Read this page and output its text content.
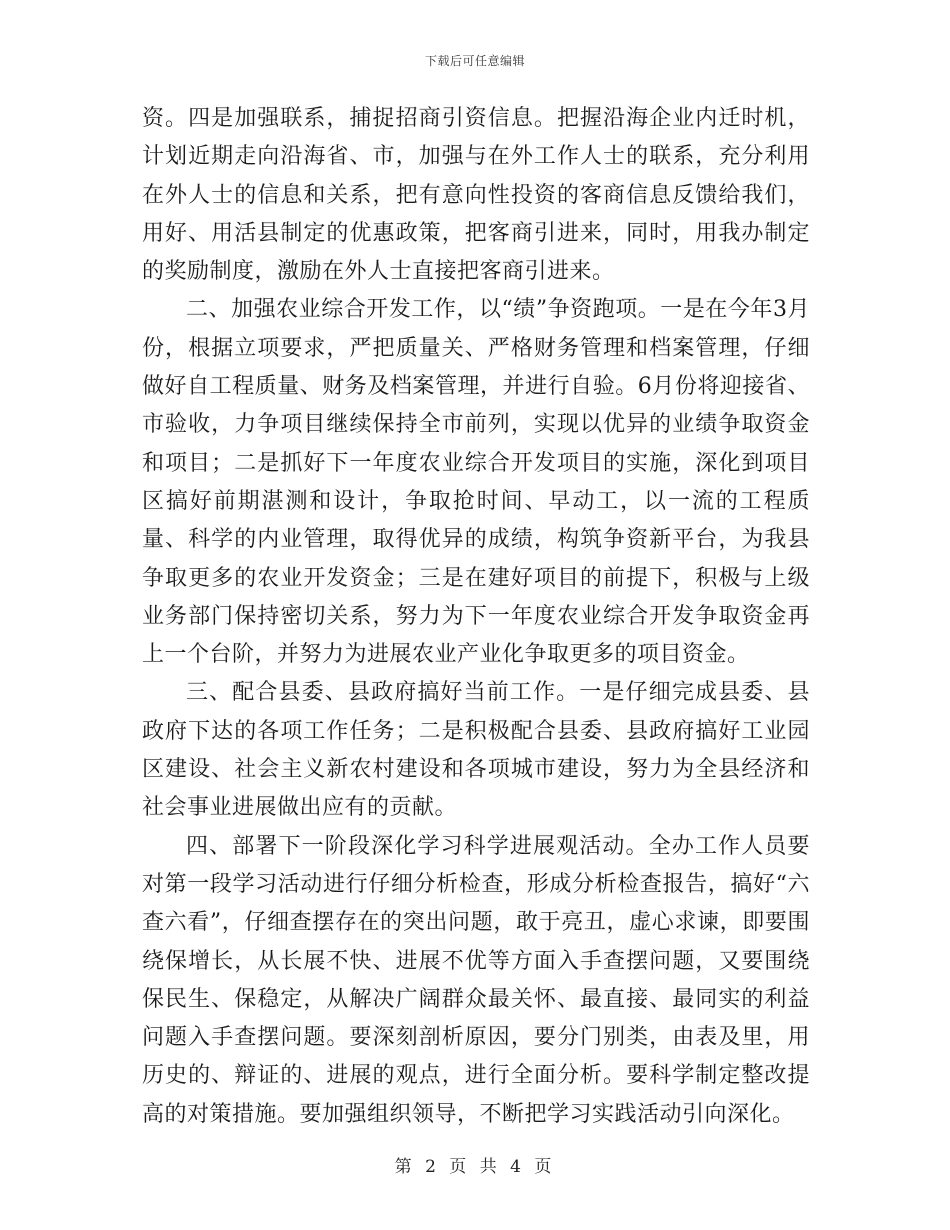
下载后可任意编辑

资。四是加强联系，捕捉招商引资信息。把握沿海企业内迁时机，计划近期走向沿海省、市，加强与在外工作人士的联系，充分利用在外人士的信息和关系，把有意向性投资的客商信息反馈给我们，用好、用活县制定的优惠政策，把客商引进来，同时，用我办制定的奖励制度，激励在外人士直接把客商引进来。

二、加强农业综合开发工作，以“绩”争资跑项。一是在今年3月份，根据立项要求，严把质量关、严格财务管理和档案管理，仔细做好自工程质量、财务及档案管理，并进行自验。6月份将迎接省、市验收，力争项目继续保持全市前列，实现以优异的业绩争取资金和项目；二是抓好下一年度农业综合开发项目的实施，深化到项目区搞好前期湛测和设计，争取抢时间、早动工，以一流的工程质量、科学的内业管理，取得优异的成绩，构筑争资新平台，为我县争取更多的农业开发资金；三是在建好项目的前提下，积极与上级业务部门保持密切关系，努力为下一年度农业综合开发争取资金再上一个台阶，并努力为进展农业产业化争取更多的项目资金。

三、配合县委、县政府搞好当前工作。一是仔细完成县委、县政府下达的各项工作任务；二是积极配合县委、县政府搞好工业园区建设、社会主义新农村建设和各项城市建设，努力为全县经济和社会事业进展做出应有的贡献。

四、部署下一阶段深化学习科学进展观活动。全办工作人员要对第一段学习活动进行仔细分析检查，形成分析检查报告，搞好“六查六看”，仔细查摆存在的突出问题，敢于亮丑，虚心求谏，即要围绕保增长，从长展不快、进展不优等方面入手查摆问题，又要围绕保民生、保稳定，从解决广阔群众最关怀、最直接、最同实的利益问题入手查摆问题。要深刻剖析原因，要分门别类，由表及里，用历史的、辩证的、进展的观点，进行全面分析。要科学制定整改提高的对策措施。要加强组织领导，不断把学习实践活动引向深化。

第 2 页 共 4 页
